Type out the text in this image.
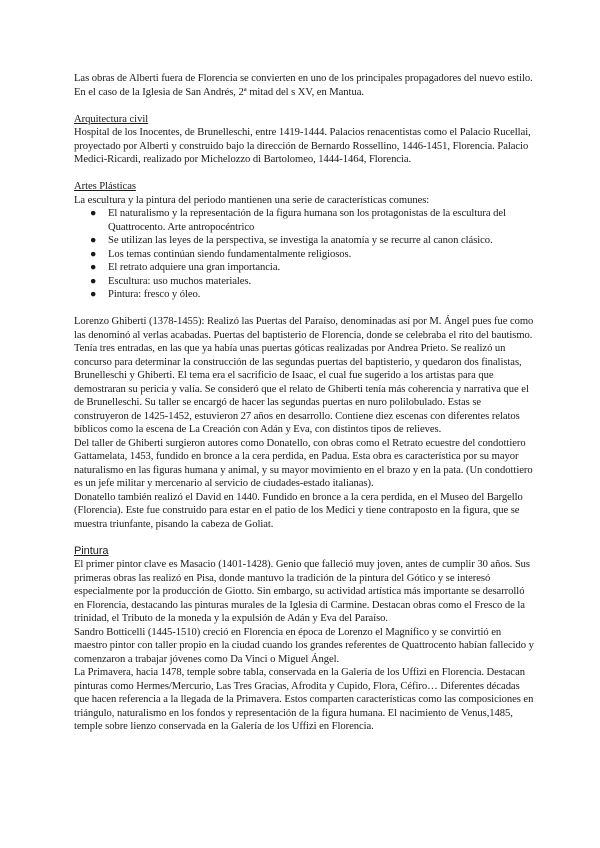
Las obras de Alberti fuera de Florencia se convierten en uno de los principales propagadores del nuevo estilo. En el caso de la Iglesia de San Andrés, 2ª mitad del s XV, en Mantua.

Arquitectura civil

Hospital de los Inocentes, de Brunelleschi, entre 1419-1444. Palacios renacentistas como el Palacio Rucellai, proyectado por Alberti y construido bajo la dirección de Bernardo Rossellino, 1446-1451, Florencia. Palacio Medici-Ricardi, realizado por Michelozzo di Bartolomeo, 1444-1464, Florencia.

Artes Plásticas

La escultura y la pintura del periodo mantienen una serie de características comunes:

● El naturalismo y la representación de la figura humana son los protagonistas de la escultura del Quattrocento. Arte antropocéntrico
● Se utilizan las leyes de la perspectiva, se investiga la anatomía y se recurre al canon clásico.
● Los temas continúan siendo fundamentalmente religiosos.
● El retrato adquiere una gran importancia.
● Escultura: uso muchos materiales.
● Pintura: fresco y óleo.

Lorenzo Ghiberti (1378-1455): Realizó las Puertas del Paraíso, denominadas así por M. Ángel pues fue como las denominó al verlas acabadas. Puertas del baptisterio de Florencia, donde se celebraba el rito del bautismo. Tenía tres entradas, en las que ya había unas puertas góticas realizadas por Andrea Prieto. Se realizó un concurso para determinar la construcción de las segundas puertas del baptisterio, y quedaron dos finalistas, Brunelleschi y Ghiberti. El tema era el sacrificio de Isaac, el cual fue sugerido a los artistas para que demostraran su pericia y valía. Se consideró que el relato de Ghiberti tenía más coherencia y narrativa que el de Brunelleschi. Su taller se encargó de hacer las segundas puertas en nuro polilobulado. Estas se construyeron de 1425-1452, estuvieron 27 años en desarrollo. Contiene diez escenas con diferentes relatos bíblicos como la escena de La Creación con Adán y Eva, con distintos tipos de relieves.

Del taller de Ghiberti surgieron autores como Donatello, con obras como el Retrato ecuestre del condottiero Gattamelata, 1453, fundido en bronce a la cera perdida, en Padua. Esta obra es característica por su mayor naturalismo en las figuras humana y animal, y su mayor movimiento en el brazo y en la pata. (Un condottiero es un jefe militar y mercenario al servicio de ciudades-estado italianas).

Donatello también realizó el David en 1440. Fundido en bronce a la cera perdida, en el Museo del Bargello (Florencia). Este fue construido para estar en el patio de los Medici y tiene contraposto en la figura, que se muestra triunfante, pisando la cabeza de Goliat.

Pintura

El primer pintor clave es Masacio (1401-1428). Genio que falleció muy joven, antes de cumplir 30 años. Sus primeras obras las realizó en Pisa, donde mantuvo la tradición de la pintura del Gótico y se interesó especialmente por la producción de Giotto. Sin embargo, su actividad artística más importante se desarrolló en Florencia, destacando las pinturas murales de la Iglesia di Carmine. Destacan obras como el Fresco de la trinidad, el Tributo de la moneda y la expulsión de Adán y Eva del Paraíso.

Sandro Botticelli (1445-1510) creció en Florencia en época de Lorenzo el Magnífico y se convirtió en maestro pintor con taller propio en la ciudad cuando los grandes referentes de Quattrocento habían fallecido y comenzaron a trabajar jóvenes como Da Vinci o Miguel Ángel.

La Primavera, hacia 1478, temple sobre tabla, conservada en la Galería de los Uffizi en Florencia. Destacan pinturas como Hermes/Mercurio, Las Tres Gracias, Afrodita y Cupido, Flora, Céfiro… Diferentes décadas que hacen referencia a la llegada de la Primavera. Estos comparten características como las composiciones en triángulo, naturalismo en los fondos y representación de la figura humana. El nacimiento de Venus,1485, temple sobre lienzo conservada en la Galería de los Uffizi en Florencia.
